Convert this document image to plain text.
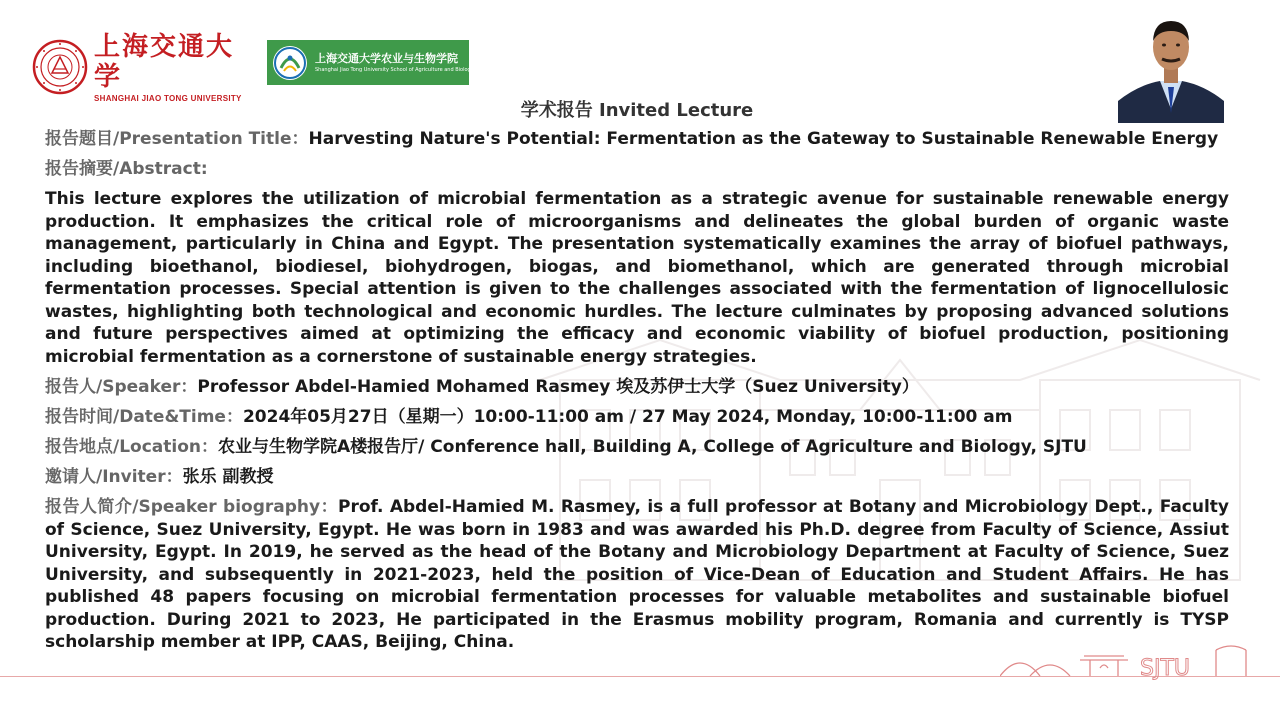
上海交通大学
SHANGHAI JIAO TONG UNIVERSITY
上海交通大学农业与生物学院
Shanghai Jiao Tong University School of Agriculture and Biology
学术报告 Invited Lecture

报告题目/Presentation Title：Harvesting Nature's Potential: Fermentation as the Gateway to Sustainable Renewable Energy

报告摘要/Abstract:

This lecture explores the utilization of microbial fermentation as a strategic avenue for sustainable renewable energy production. It emphasizes the critical role of microorganisms and delineates the global burden of organic waste management, particularly in China and Egypt. The presentation systematically examines the array of biofuel pathways, including bioethanol, biodiesel, biohydrogen, biogas, and biomethanol, which are generated through microbial fermentation processes. Special attention is given to the challenges associated with the fermentation of lignocellulosic wastes, highlighting both technological and economic hurdles. The lecture culminates by proposing advanced solutions and future perspectives aimed at optimizing the efficacy and economic viability of biofuel production, positioning microbial fermentation as a cornerstone of sustainable energy strategies.

报告人/Speaker：Professor Abdel-Hamied Mohamed Rasmey 埃及苏伊士大学（Suez University）

报告时间/Date&Time：2024年05月27日（星期一）10:00-11:00 am / 27 May 2024, Monday, 10:00-11:00 am

报告地点/Location：农业与生物学院A楼报告厅/ Conference hall, Building A, College of Agriculture and Biology, SJTU

邀请人/Inviter：张乐 副教授

报告人简介/Speaker biography：Prof. Abdel-Hamied M. Rasmey, is a full professor at Botany and Microbiology Dept., Faculty of Science, Suez University, Egypt. He was born in 1983 and was awarded his Ph.D. degree from Faculty of Science, Assiut University, Egypt. In 2019, he served as the head of the Botany and Microbiology Department at Faculty of Science, Suez University, and subsequently in 2021-2023, held the position of Vice-Dean of Education and Student Affairs. He has published 48 papers focusing on microbial fermentation processes for valuable metabolites and sustainable biofuel production. During 2021 to 2023, He participated in the Erasmus mobility program, Romania and currently is TYSP scholarship member at IPP, CAAS, Beijing, China.

SJTU
